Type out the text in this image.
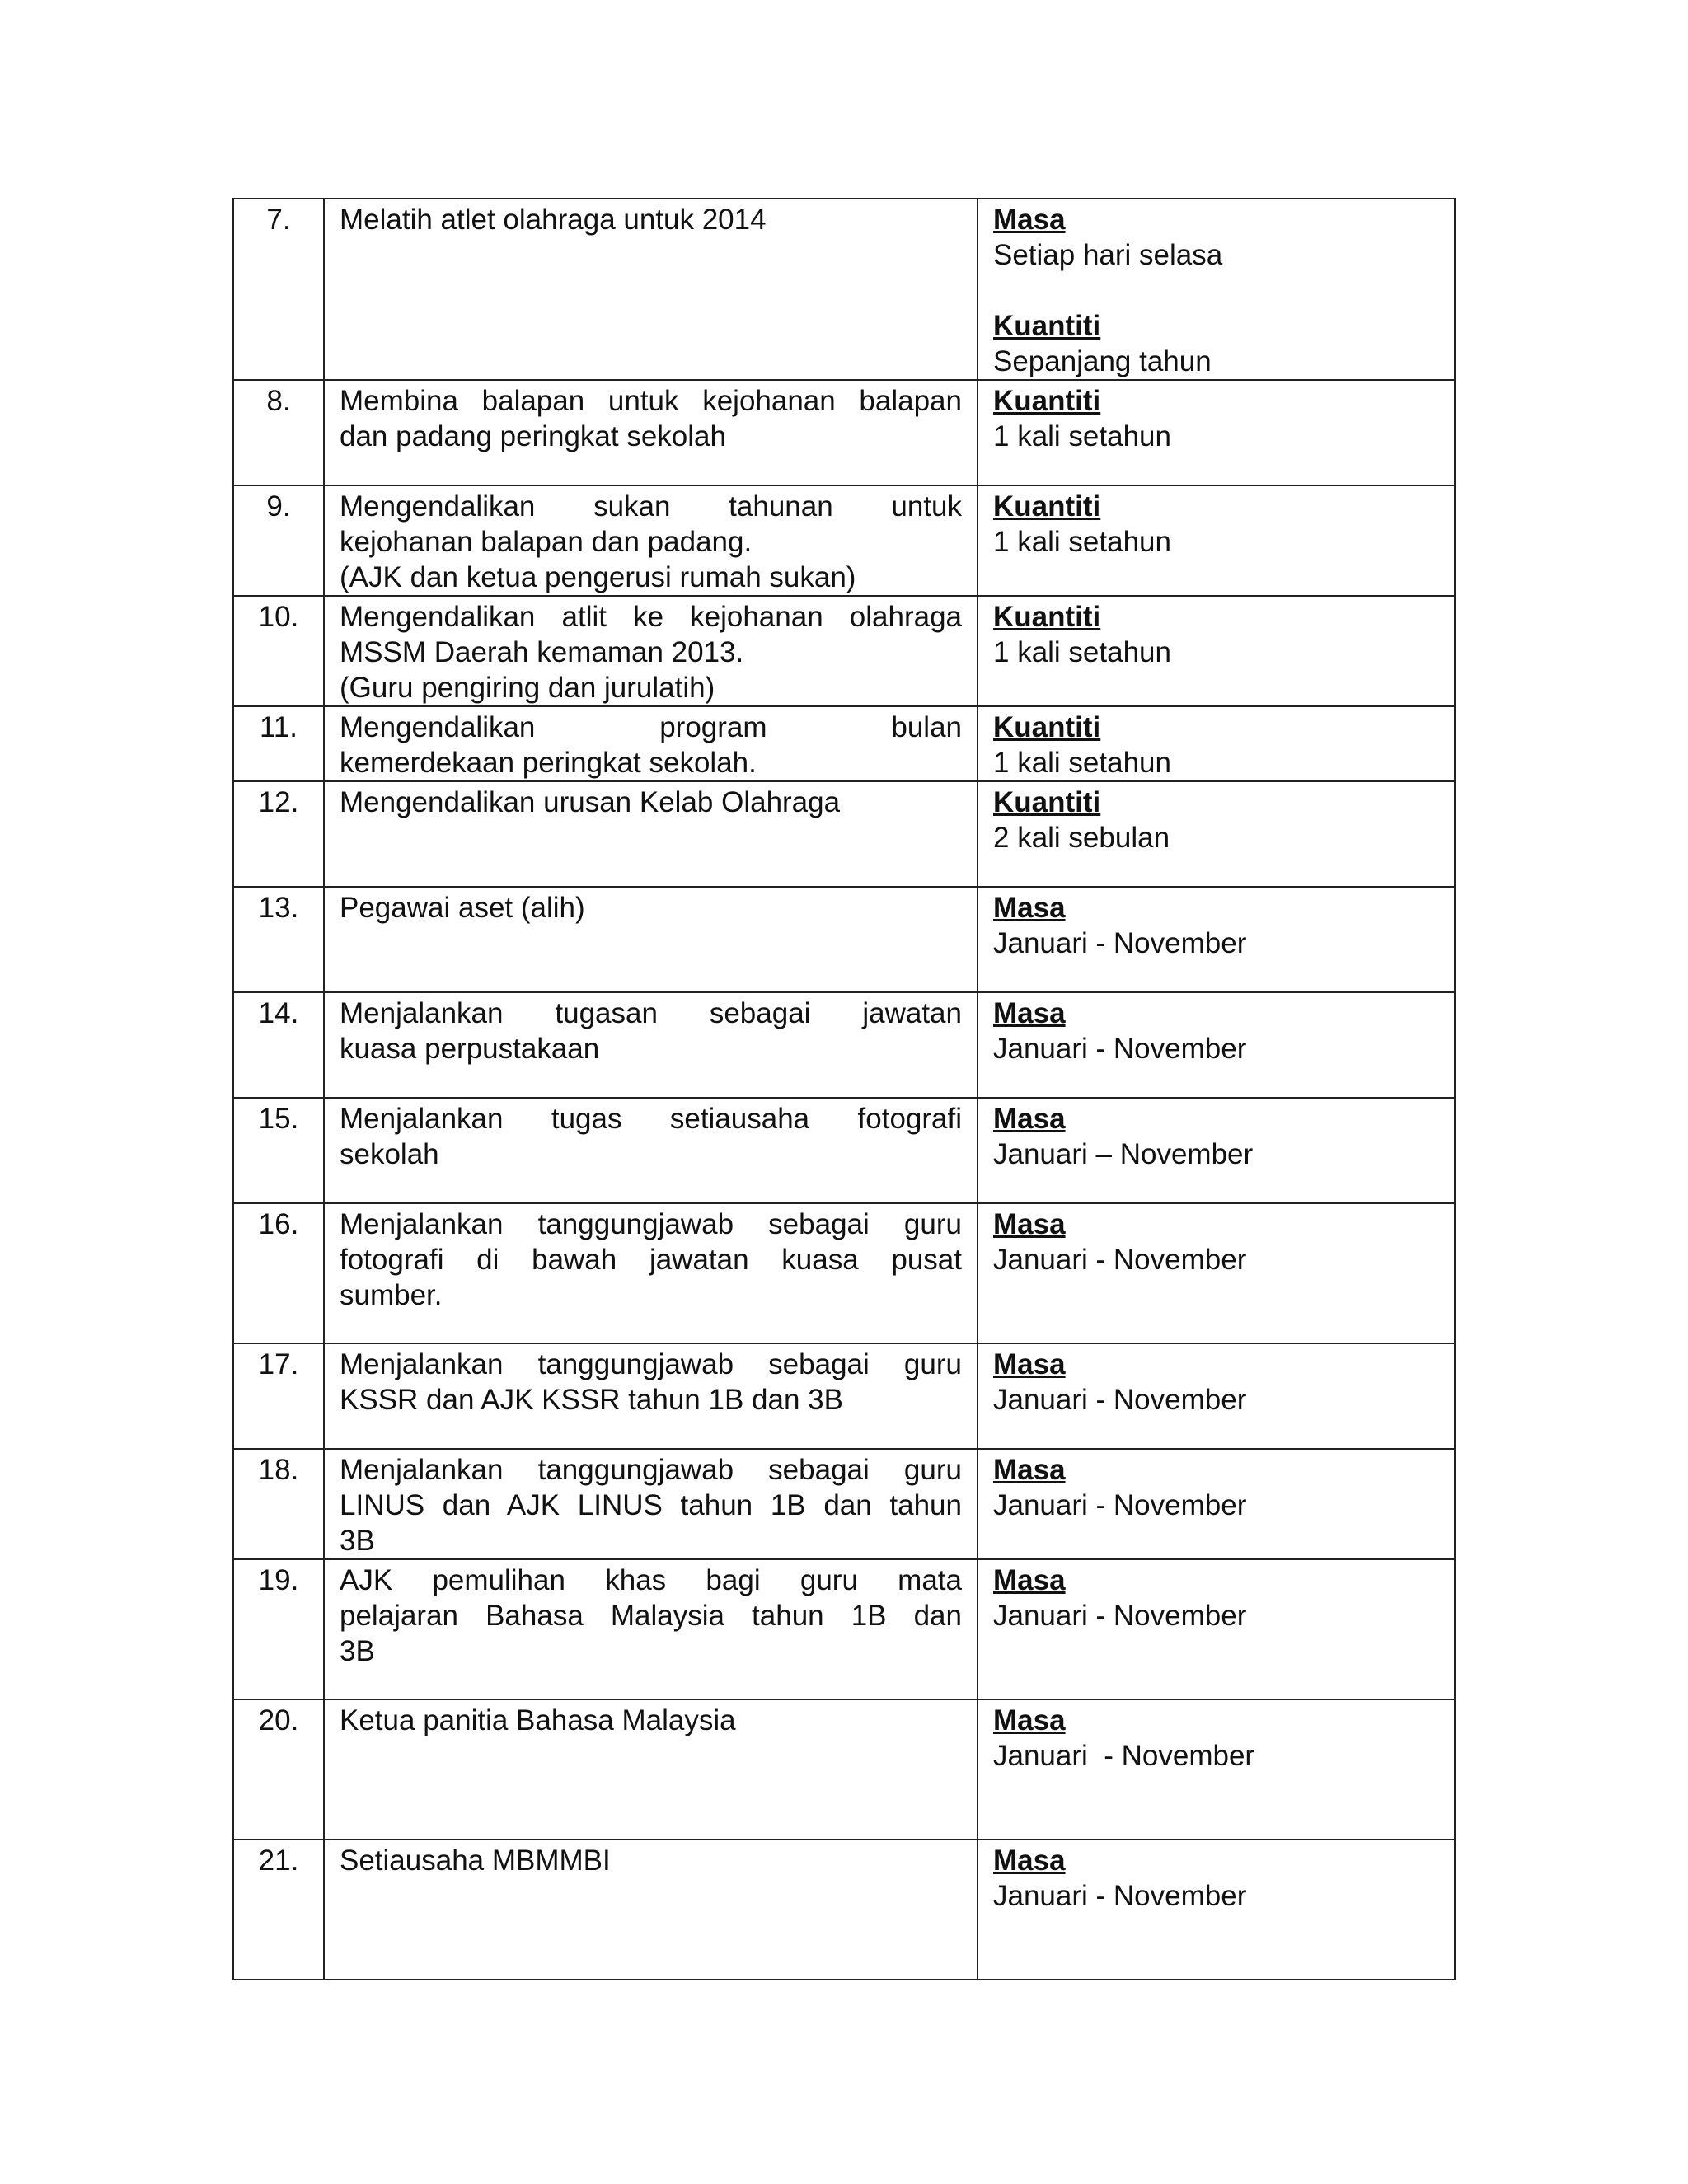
7.	Melatih atlet olahraga untuk 2014	Masa
Setiap hari selasa
Kuantiti
Sepanjang tahun

8.	Membina balapan untuk kejohanan balapan
dan padang peringkat sekolah	Kuantiti
1 kali setahun

9.	Mengendalikan sukan tahunan untuk
kejohanan balapan dan padang.
(AJK dan ketua pengerusi rumah sukan)	Kuantiti
1 kali setahun

10.	Mengendalikan atlit ke kejohanan olahraga
MSSM Daerah kemaman 2013.
(Guru pengiring dan jurulatih)	Kuantiti
1 kali setahun

11.	Mengendalikan program bulan
kemerdekaan peringkat sekolah.	Kuantiti
1 kali setahun

12.	Mengendalikan urusan Kelab Olahraga	Kuantiti
2 kali sebulan

13.	Pegawai aset (alih)	Masa
Januari - November

14.	Menjalankan tugasan sebagai jawatan
kuasa perpustakaan	Masa
Januari - November

15.	Menjalankan tugas setiausaha fotografi
sekolah	Masa
Januari – November

16.	Menjalankan tanggungjawab sebagai guru
fotografi di bawah jawatan kuasa pusat
sumber.	Masa
Januari - November

17.	Menjalankan tanggungjawab sebagai guru
KSSR dan AJK KSSR tahun 1B dan 3B	Masa
Januari - November

18.	Menjalankan tanggungjawab sebagai guru
LINUS dan AJK LINUS tahun 1B dan tahun
3B	Masa
Januari - November

19.	AJK pemulihan khas bagi guru mata
pelajaran Bahasa Malaysia tahun 1B dan
3B	Masa
Januari - November

20.	Ketua panitia Bahasa Malaysia	Masa
Januari  - November

21.	Setiausaha MBMMBI	Masa
Januari - November
